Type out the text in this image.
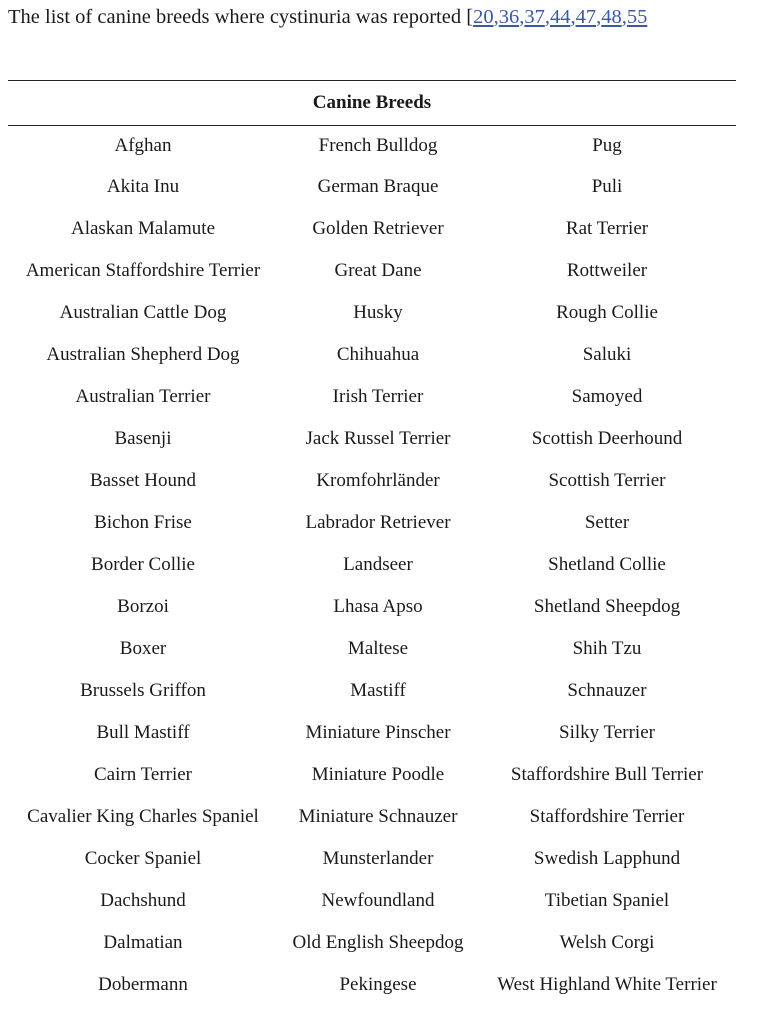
The list of canine breeds where cystinuria was reported [20,36,37,44,47,48,55
Canine Breeds		
Afghan	French Bulldog	Pug
Akita Inu	German Braque	Puli
Alaskan Malamute	Golden Retriever	Rat Terrier
American Staffordshire Terrier	Great Dane	Rottweiler
Australian Cattle Dog	Husky	Rough Collie
Australian Shepherd Dog	Chihuahua	Saluki
Australian Terrier	Irish Terrier	Samoyed
Basenji	Jack Russel Terrier	Scottish Deerhound
Basset Hound	Kromfohrländer	Scottish Terrier
Bichon Frise	Labrador Retriever	Setter
Border Collie	Landseer	Shetland Collie
Borzoi	Lhasa Apso	Shetland Sheepdog
Boxer	Maltese	Shih Tzu
Brussels Griffon	Mastiff	Schnauzer
Bull Mastiff	Miniature Pinscher	Silky Terrier
Cairn Terrier	Miniature Poodle	Staffordshire Bull Terrier
Cavalier King Charles Spaniel	Miniature Schnauzer	Staffordshire Terrier
Cocker Spaniel	Munsterlander	Swedish Lapphund
Dachshund	Newfoundland	Tibetian Spaniel
Dalmatian	Old English Sheepdog	Welsh Corgi
Dobermann	Pekingese	West Highland White Terrier
